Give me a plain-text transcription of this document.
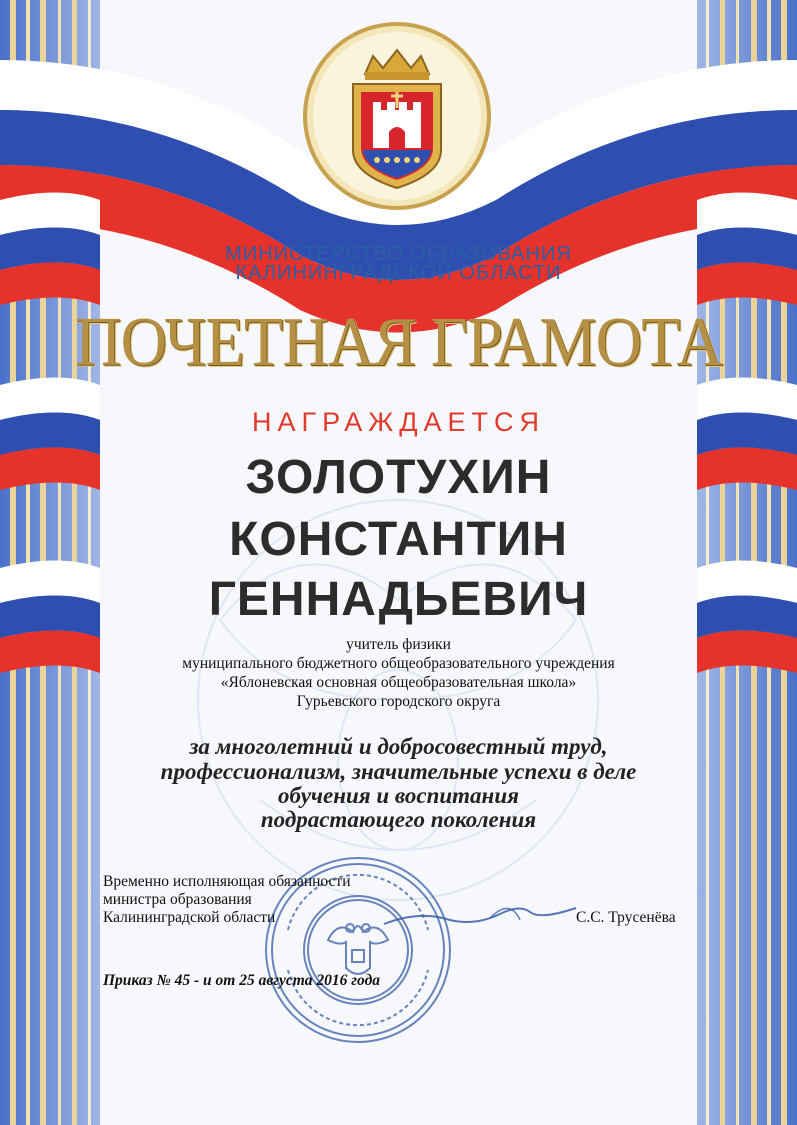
МИНИСТЕРСТВО ОБРАЗОВАНИЯ
КАЛИНИНГРАДСКОЙ ОБЛАСТИ
ПОЧЕТНАЯ ГРАМОТА
НАГРАЖДАЕТСЯ
ЗОЛОТУХИН
КОНСТАНТИН
ГЕННАДЬЕВИЧ
учитель физики
муниципального бюджетного общеобразовательного учреждения
«Яблоневская основная общеобразовательная школа»
Гурьевского городского округа
за многолетний и добросовестный труд,
профессионализм, значительные успехи в деле
обучения и воспитания
подрастающего поколения
Временно исполняющая обязанности
министра образования
Калининградской области	С.С. Трусенёва
Приказ № 45 - и от 25 августа 2016 года
